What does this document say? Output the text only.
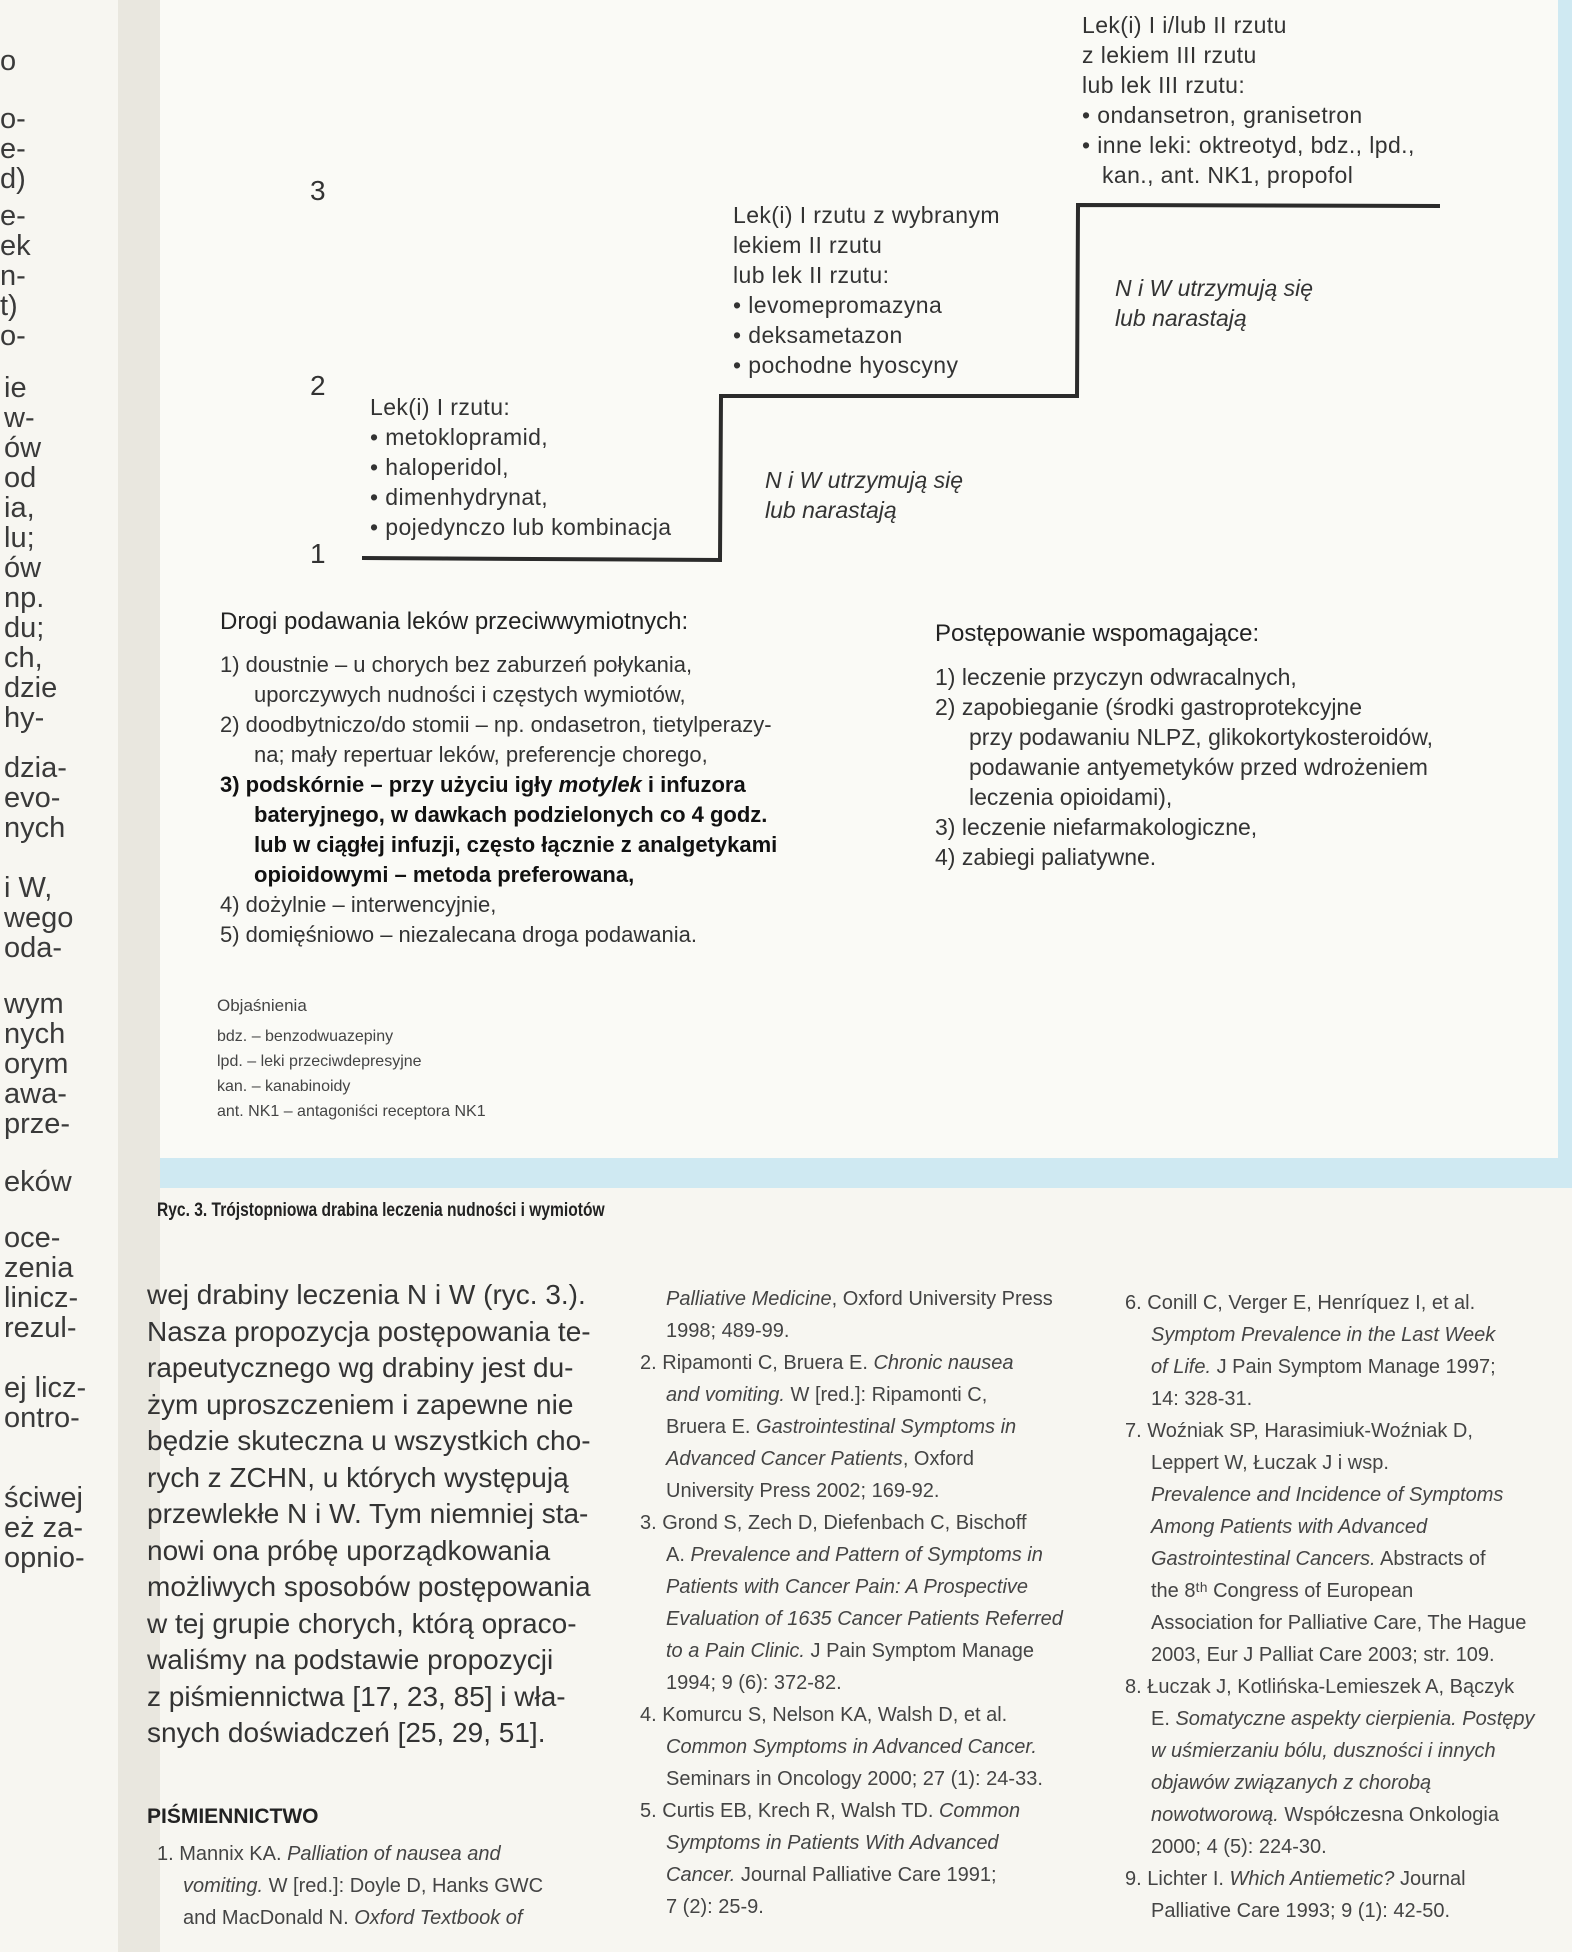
o
o-
e-
d)
e-
ek
n-
t)
o-
ie
w-
ów
od
ia,
lu;
ów
np.
du;
ch,
dzie
hy-
dzia-
evo-
nych
i W,
wego
oda-
wym
nych
orym
awa-
prze-
eków
oce-
zenia
linicz-
rezul-
ej licz-
ontro-
ściwej
eż za-
opnio-
1
2
3
Lek(i) I rzutu:
• metoklopramid,
• haloperidol,
• dimenhydrynat,
• pojedynczo lub kombinacja
Lek(i) I rzutu z wybranym
lekiem II rzutu
lub lek II rzutu:
• levomepromazyna
• deksametazon
• pochodne hyoscyny
Lek(i) I i/lub II rzutu
z lekiem III rzutu
lub lek III rzutu:
• ondansetron, granisetron
• inne leki: oktreotyd, bdz., lpd.,
kan., ant. NK1, propofol
N i W utrzymują się
lub narastają
N i W utrzymują się
lub narastają
Drogi podawania leków przeciwwymiotnych:
1) doustnie – u chorych bez zaburzeń połykania,
uporczywych nudności i częstych wymiotów,
2) doodbytniczo/do stomii – np. ondasetron, tietylperazy-
na; mały repertuar leków, preferencje chorego,
3) podskórnie – przy użyciu igły motylek i infuzora
bateryjnego, w dawkach podzielonych co 4 godz.
lub w ciągłej infuzji, często łącznie z analgetykami
opioidowymi – metoda preferowana,
4) dożylnie – interwencyjnie,
5) domięśniowo – niezalecana droga podawania.
Postępowanie wspomagające:
1) leczenie przyczyn odwracalnych,
2) zapobieganie (środki gastroprotekcyjne
przy podawaniu NLPZ, glikokortykosteroidów,
podawanie antyemetyków przed wdrożeniem
leczenia opioidami),
3) leczenie niefarmakologiczne,
4) zabiegi paliatywne.
Objaśnienia
bdz. – benzodwuazepiny
lpd. – leki przeciwdepresyjne
kan. – kanabinoidy
ant. NK1 – antagoniści receptora NK1
Ryc. 3. Trójstopniowa drabina leczenia nudności i wymiotów
wej drabiny leczenia N i W (ryc. 3.).
Nasza propozycja postępowania te-
rapeutycznego wg drabiny jest du-
żym uproszczeniem i zapewne nie
będzie skuteczna u wszystkich cho-
rych z ZCHN, u których występują
przewlekłe N i W. Tym niemniej sta-
nowi ona próbę uporządkowania
możliwych sposobów postępowania
w tej grupie chorych, którą opraco-
waliśmy na podstawie propozycji
z piśmiennictwa [17, 23, 85] i wła-
snych doświadczeń [25, 29, 51].
PIŚMIENNICTWO
1. Mannix KA. Palliation of nausea and
vomiting. W [red.]: Doyle D, Hanks GWC
and MacDonald N. Oxford Textbook of
Palliative Medicine, Oxford University Press
1998; 489-99.
2. Ripamonti C, Bruera E. Chronic nausea
and vomiting. W [red.]: Ripamonti C,
Bruera E. Gastrointestinal Symptoms in
Advanced Cancer Patients, Oxford
University Press 2002; 169-92.
3. Grond S, Zech D, Diefenbach C, Bischoff
A. Prevalence and Pattern of Symptoms in
Patients with Cancer Pain: A Prospective
Evaluation of 1635 Cancer Patients Referred
to a Pain Clinic. J Pain Symptom Manage
1994; 9 (6): 372-82.
4. Komurcu S, Nelson KA, Walsh D, et al.
Common Symptoms in Advanced Cancer.
Seminars in Oncology 2000; 27 (1): 24-33.
5. Curtis EB, Krech R, Walsh TD. Common
Symptoms in Patients With Advanced
Cancer. Journal Palliative Care 1991;
7 (2): 25-9.
6. Conill C, Verger E, Henríquez I, et al.
Symptom Prevalence in the Last Week
of Life. J Pain Symptom Manage 1997;
14: 328-31.
7. Woźniak SP, Harasimiuk-Woźniak D,
Leppert W, Łuczak J i wsp.
Prevalence and Incidence of Symptoms
Among Patients with Advanced
Gastrointestinal Cancers. Abstracts of
the 8ᵗʰ Congress of European
Association for Palliative Care, The Hague
2003, Eur J Palliat Care 2003; str. 109.
8. Łuczak J, Kotlińska-Lemieszek A, Bączyk
E. Somatyczne aspekty cierpienia. Postępy
w uśmierzaniu bólu, duszności i innych
objawów związanych z chorobą
nowotworową. Współczesna Onkologia
2000; 4 (5): 224-30.
9. Lichter I. Which Antiemetic? Journal
Palliative Care 1993; 9 (1): 42-50.
